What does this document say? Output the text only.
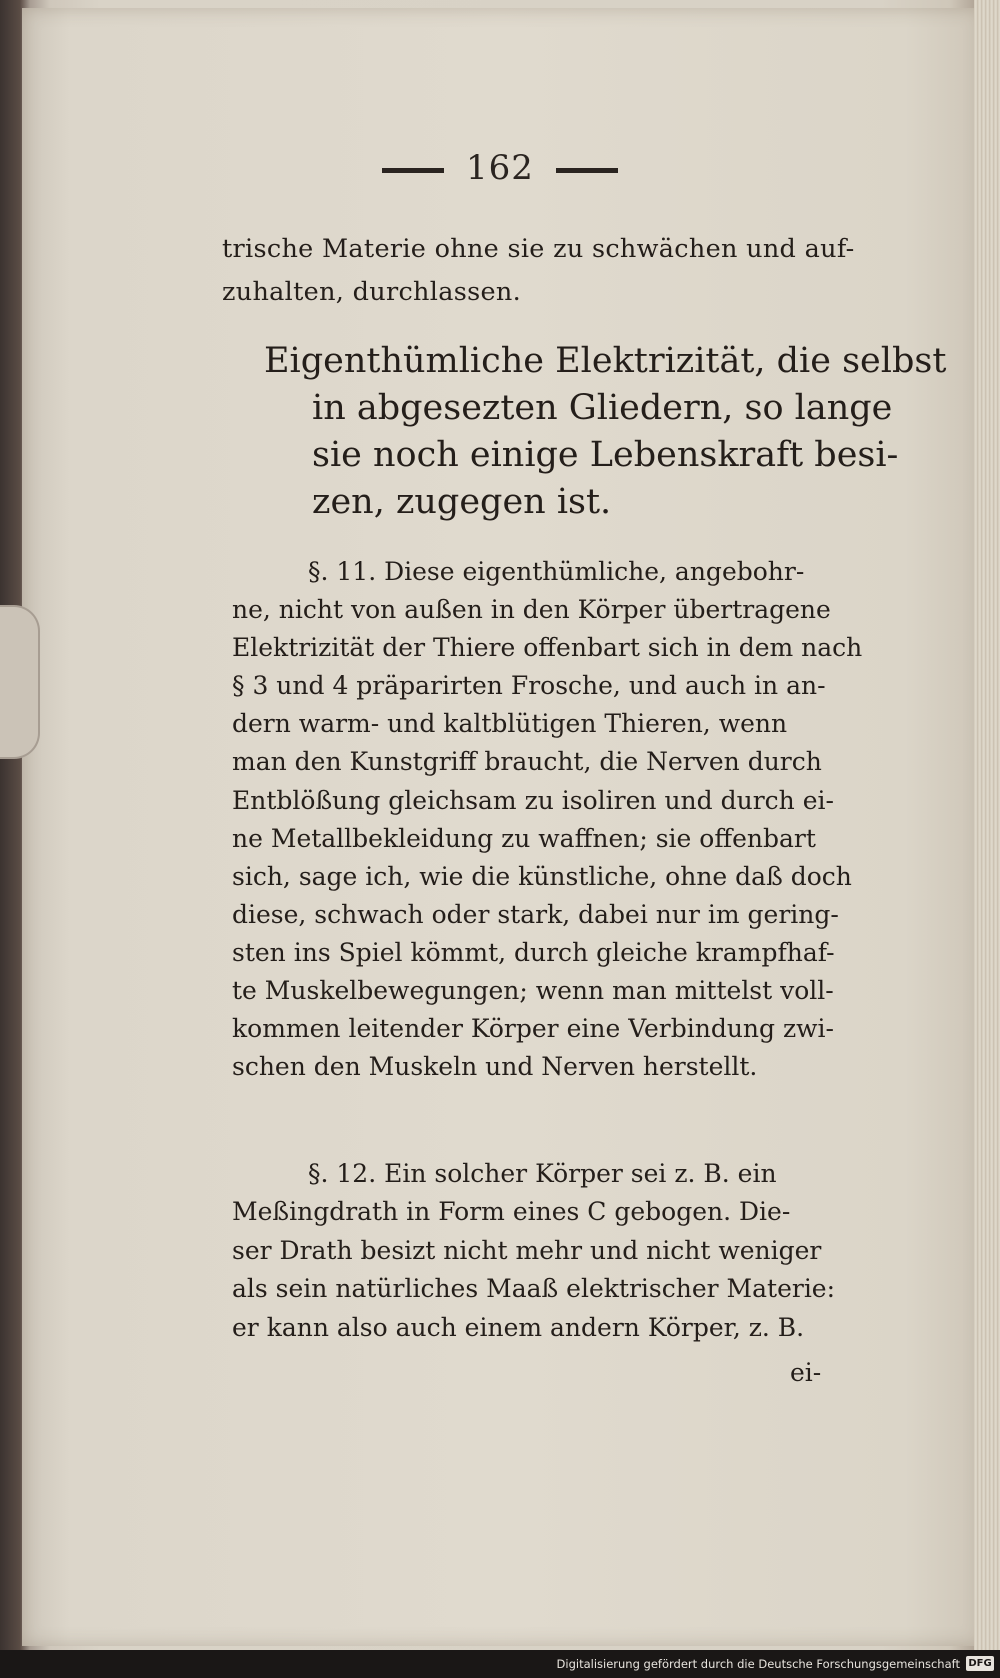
162
trische Materie ohne sie zu schwächen und auf-
zuhalten, durchlassen.
Eigenthümliche Elektrizität, die selbst
in abgesezten Gliedern, so lange
sie noch einige Lebenskraft besi-
zen, zugegen ist.
§. 11. Diese eigenthümliche, angebohr-
ne, nicht von außen in den Körper übertragene
Elektrizität der Thiere offenbart sich in dem nach
§ 3 und 4 präparirten Frosche, und auch in an-
dern warm- und kaltblütigen Thieren, wenn
man den Kunstgriff braucht, die Nerven durch
Entblößung gleichsam zu isoliren und durch ei-
ne Metallbekleidung zu waffnen; sie offenbart
sich, sage ich, wie die künstliche, ohne daß doch
diese, schwach oder stark, dabei nur im gering-
sten ins Spiel kömmt, durch gleiche krampfhaf-
te Muskelbewegungen; wenn man mittelst voll-
kommen leitender Körper eine Verbindung zwi-
schen den Muskeln und Nerven herstellt.
§. 12. Ein solcher Körper sei z. B. ein
Meßingdrath in Form eines C gebogen. Die-
ser Drath besizt nicht mehr und nicht weniger
als sein natürliches Maaß elektrischer Materie:
er kann also auch einem andern Körper, z. B.
ei-
Digitalisierung gefördert durch die Deutsche Forschungsgemeinschaft DFG
